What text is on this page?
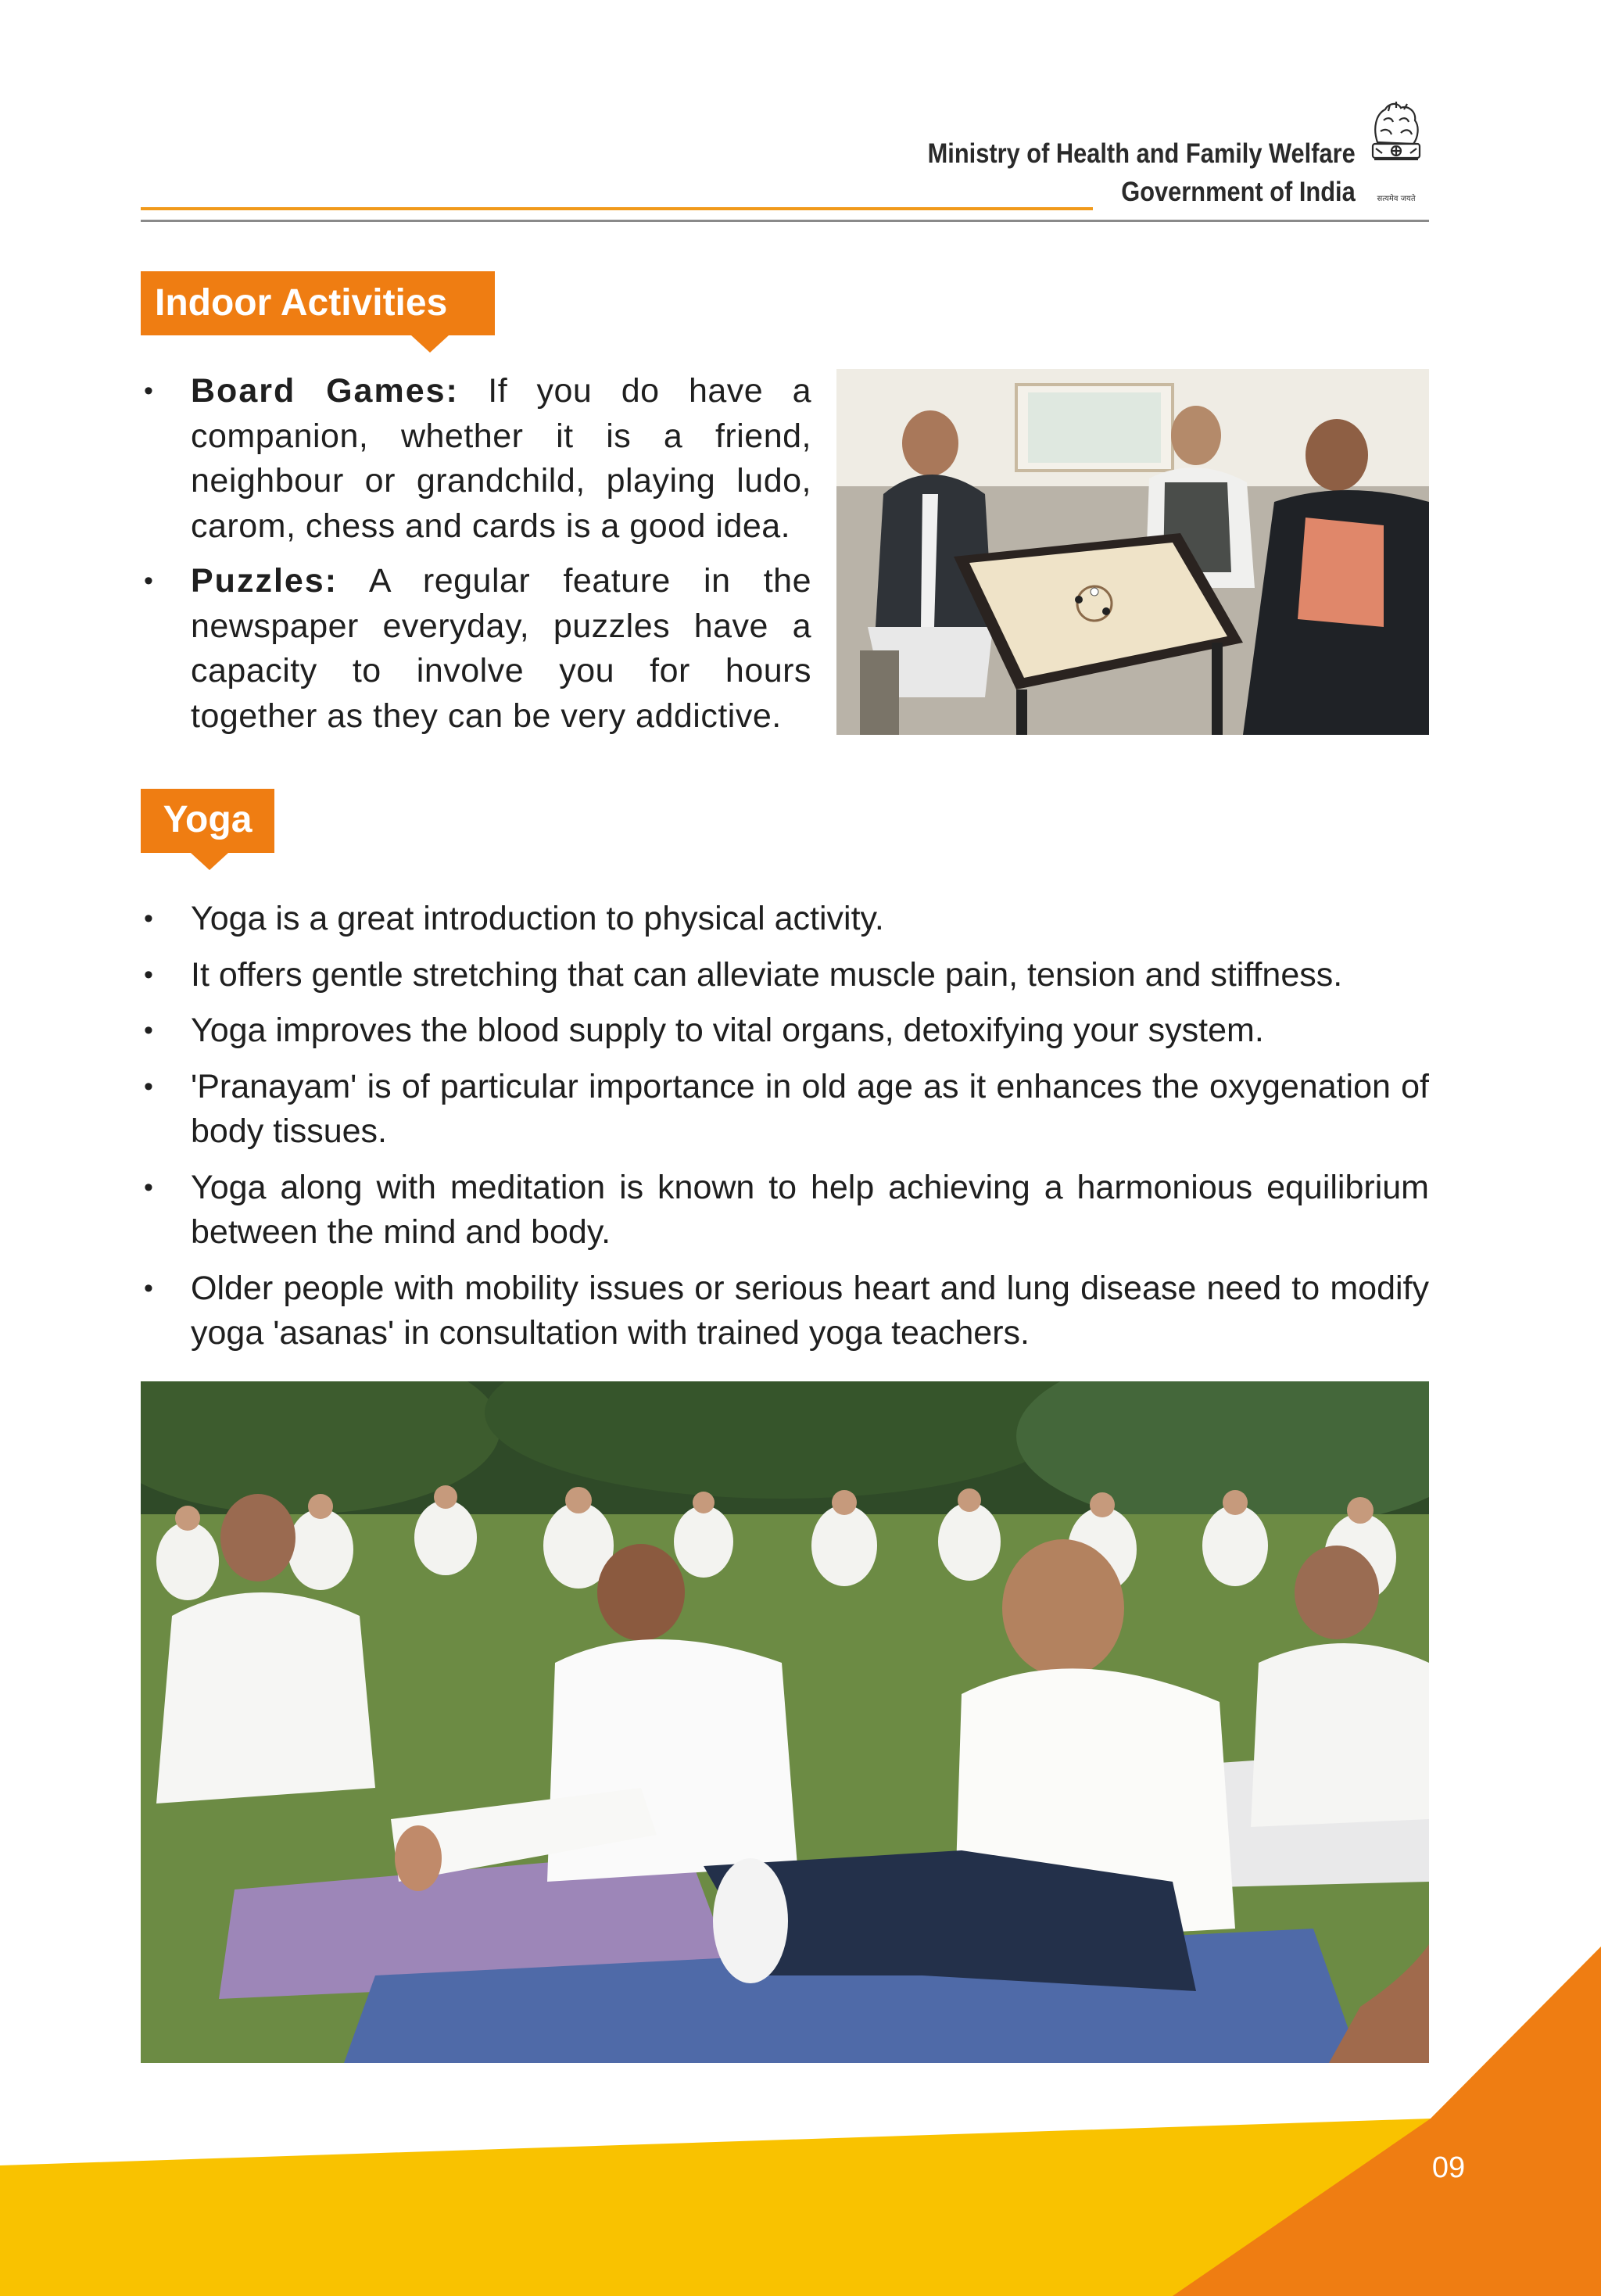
Ministry of Health and Family Welfare
Government of India	सत्यमेव जयते
Indoor Activities
• Board Games: If you do have a companion, whether it is a friend, neighbour or grandchild, playing ludo, carom, chess and cards is a good idea.
• Puzzles: A regular feature in the newspaper everyday, puzzles have a capacity to involve you for hours together as they can be very addictive.
Yoga
• Yoga is a great introduction to physical activity.
• It offers gentle stretching that can alleviate muscle pain, tension and stiffness.
• Yoga improves the blood supply to vital organs, detoxifying your system.
• 'Pranayam' is of particular importance in old age as it enhances the oxygenation of body tissues.
• Yoga along with meditation is known to help achieving a harmonious equilibrium between the mind and body.
• Older people with mobility issues or serious heart and lung disease need to modify yoga 'asanas' in consultation with trained yoga teachers.
09
